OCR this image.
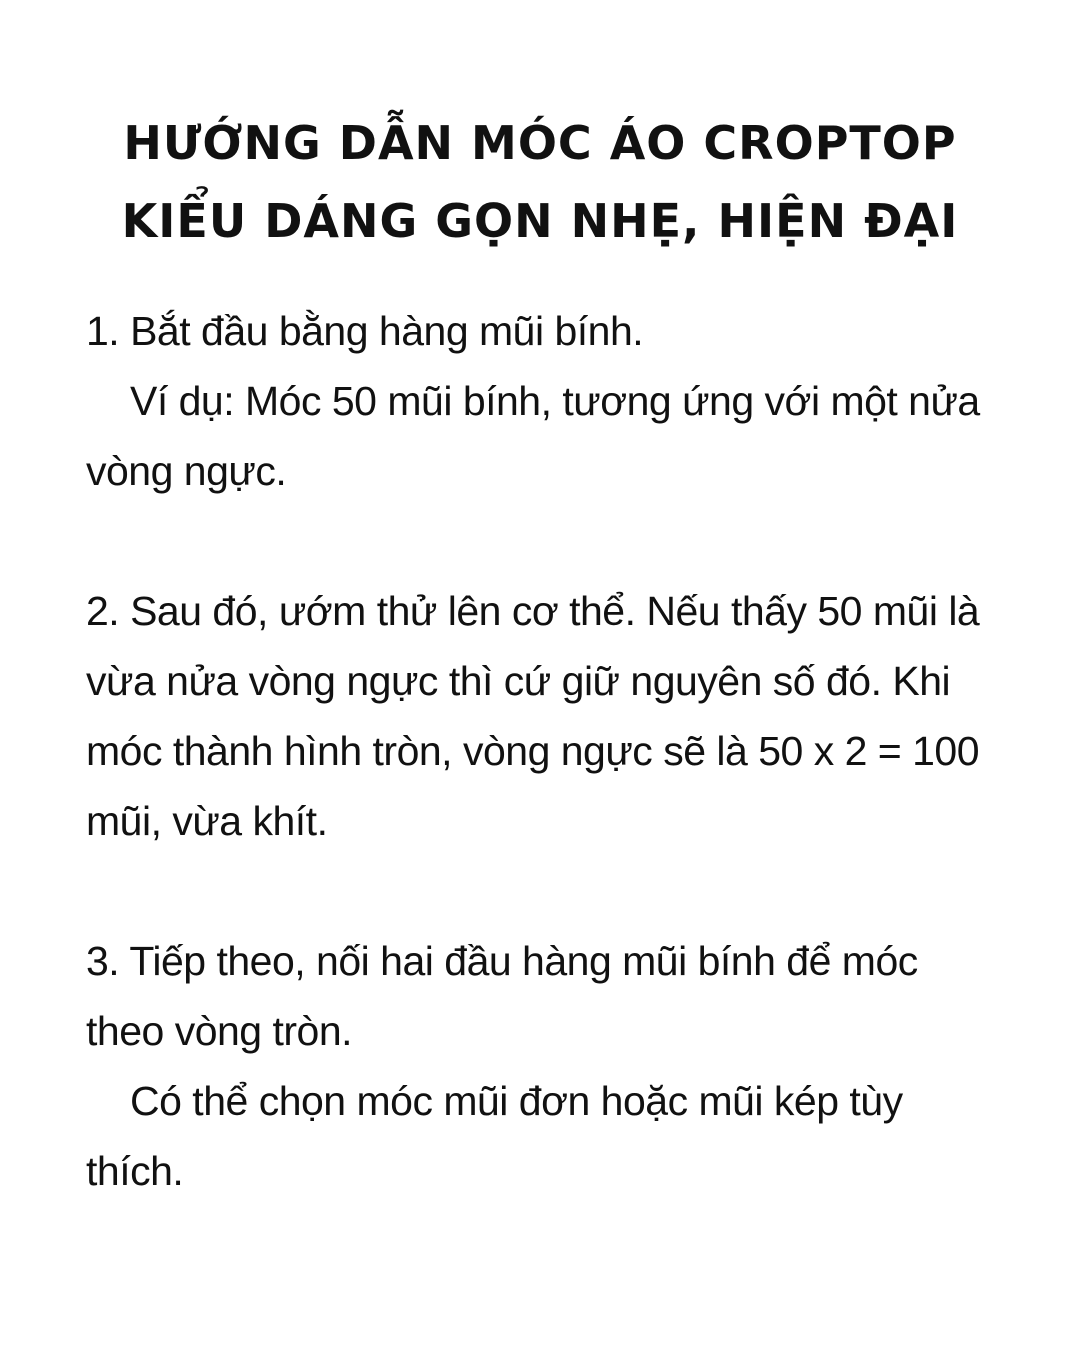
HƯỚNG DẪN MÓC ÁO CROPTOP
KIỂU DÁNG GỌN NHẸ, HIỆN ĐẠI

1. Bắt đầu bằng hàng mũi bính.

Ví dụ: Móc 50 mũi bính, tương ứng với một nửa vòng ngực.

2. Sau đó, ướm thử lên cơ thể. Nếu thấy 50 mũi là vừa nửa vòng ngực thì cứ giữ nguyên số đó. Khi móc thành hình tròn, vòng ngực sẽ là 50 x 2 = 100 mũi, vừa khít.

3. Tiếp theo, nối hai đầu hàng mũi bính để móc theo vòng tròn.

Có thể chọn móc mũi đơn hoặc mũi kép tùy thích.
